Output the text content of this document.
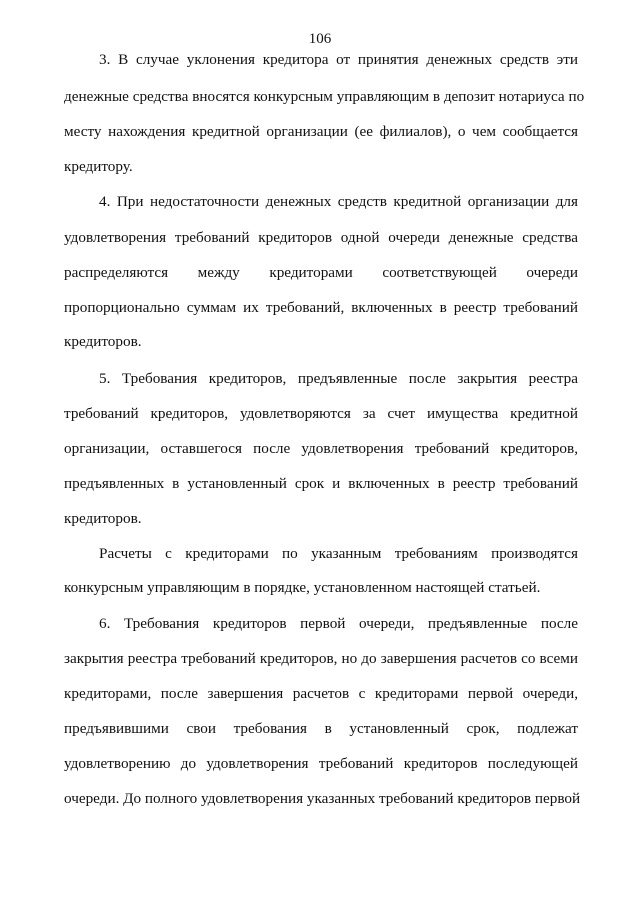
106
3. В случае уклонения кредитора от принятия денежных средств эти
денежные средства вносятся конкурсным управляющим в депозит нотариуса по
месту нахождения кредитной организации (ее филиалов), о чем сообщается
кредитору.
4. При недостаточности денежных средств кредитной организации для
удовлетворения требований кредиторов одной очереди денежные средства
распределяются между кредиторами соответствующей очереди
пропорционально суммам их требований, включенных в реестр требований
кредиторов.
5. Требования кредиторов, предъявленные после закрытия реестра
требований кредиторов, удовлетворяются за счет имущества кредитной
организации, оставшегося после удовлетворения требований кредиторов,
предъявленных в установленный срок и включенных в реестр требований
кредиторов.
Расчеты с кредиторами по указанным требованиям производятся
конкурсным управляющим в порядке, установленном настоящей статьей.
6. Требования кредиторов первой очереди, предъявленные после
закрытия реестра требований кредиторов, но до завершения расчетов со всеми
кредиторами, после завершения расчетов с кредиторами первой очереди,
предъявившими свои требования в установленный срок, подлежат
удовлетворению до удовлетворения требований кредиторов последующей
очереди. До полного удовлетворения указанных требований кредиторов первой
